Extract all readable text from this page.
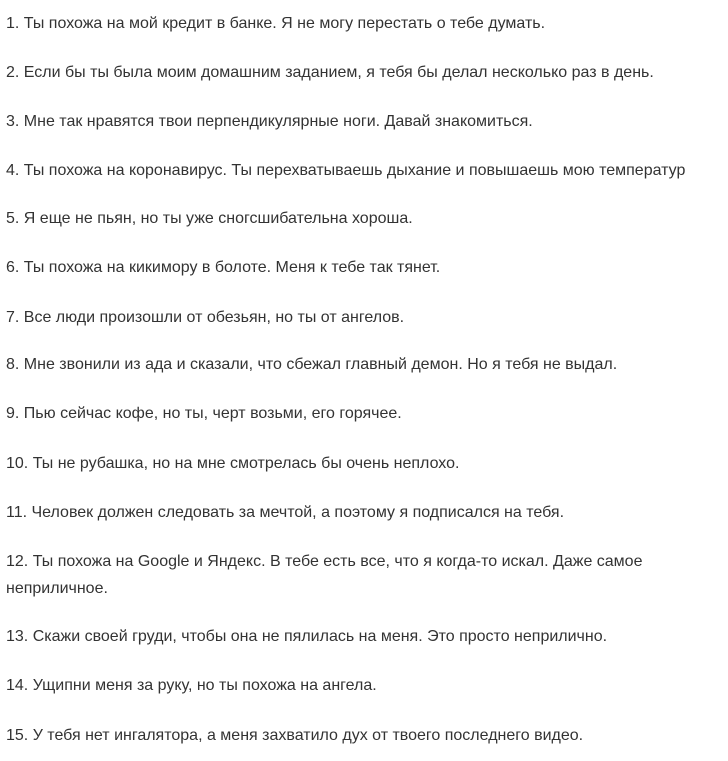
1. Ты похожа на мой кредит в банке. Я не могу перестать о тебе думать.

2. Если бы ты была моим домашним заданием, я тебя бы делал несколько раз в день.

3. Мне так нравятся твои перпендикулярные ноги. Давай знакомиться.

4. Ты похожа на коронавирус. Ты перехватываешь дыхание и повышаешь мою температур

5. Я еще не пьян, но ты уже сногсшибательна хороша.

6. Ты похожа на кикимору в болоте. Меня к тебе так тянет.

7. Все люди произошли от обезьян, но ты от ангелов.

8. Мне звонили из ада и сказали, что сбежал главный демон. Но я тебя не выдал.

9. Пью сейчас кофе, но ты, черт возьми, его горячее.

10. Ты не рубашка, но на мне смотрелась бы очень неплохо.

11. Человек должен следовать за мечтой, а поэтому я подписался на тебя.

12. Ты похожа на Google и Яндекс. В тебе есть все, что я когда-то искал. Даже самое

неприличное.

13. Скажи своей груди, чтобы она не пялилась на меня. Это просто неприлично.

14. Ущипни меня за руку, но ты похожа на ангела.

15. У тебя нет ингалятора, а меня захватило дух от твоего последнего видео.
